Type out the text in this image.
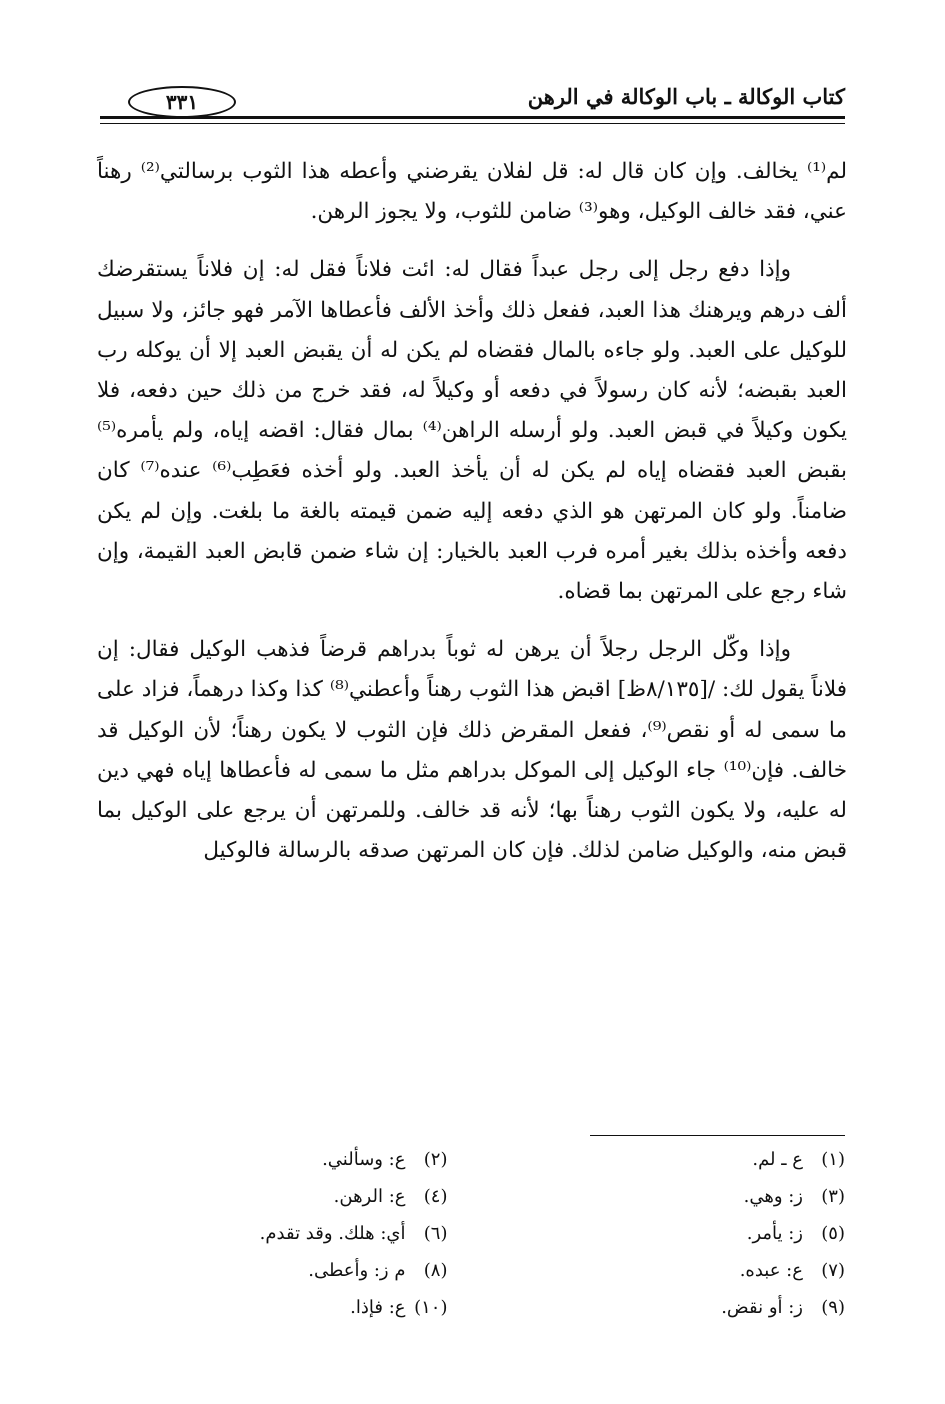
كتاب الوكالة ـ باب الوكالة في الرهن
٣٣١

لم⁽¹⁾ يخالف. وإن كان قال له: قل لفلان يقرضني وأعطه هذا الثوب برسالتي⁽²⁾ رهناً عني، فقد خالف الوكيل، وهو⁽³⁾ ضامن للثوب، ولا يجوز الرهن.

وإذا دفع رجل إلى رجل عبداً فقال له: ائت فلاناً فقل له: إن فلاناً يستقرضك ألف درهم ويرهنك هذا العبد، ففعل ذلك وأخذ الألف فأعطاها الآمر فهو جائز، ولا سبيل للوكيل على العبد. ولو جاءه بالمال فقضاه لم يكن له أن يقبض العبد إلا أن يوكله رب العبد بقبضه؛ لأنه كان رسولاً في دفعه أو وكيلاً له، فقد خرج من ذلك حين دفعه، فلا يكون وكيلاً في قبض العبد. ولو أرسله الراهن⁽⁴⁾ بمال فقال: اقضه إياه، ولم يأمره⁽⁵⁾ بقبض العبد فقضاه إياه لم يكن له أن يأخذ العبد. ولو أخذه فعَطِب⁽⁶⁾ عنده⁽⁷⁾ كان ضامناً. ولو كان المرتهن هو الذي دفعه إليه ضمن قيمته بالغة ما بلغت. وإن لم يكن دفعه وأخذه بذلك بغير أمره فرب العبد بالخيار: إن شاء ضمن قابض العبد القيمة، وإن شاء رجع على المرتهن بما قضاه.

وإذا وكّل الرجل رجلاً أن يرهن له ثوباً بدراهم قرضاً فذهب الوكيل فقال: إن فلاناً يقول لك: /[٨/١٣٥ظ] اقبض هذا الثوب رهناً وأعطني⁽⁸⁾ كذا وكذا درهماً، فزاد على ما سمى له أو نقص⁽⁹⁾، ففعل المقرض ذلك فإن الثوب لا يكون رهناً؛ لأن الوكيل قد خالف. فإن⁽¹⁰⁾ جاء الوكيل إلى الموكل بدراهم مثل ما سمى له فأعطاها إياه فهي دين له عليه، ولا يكون الثوب رهناً بها؛ لأنه قد خالف. وللمرتهن أن يرجع على الوكيل بما قبض منه، والوكيل ضامن لذلك. فإن كان المرتهن صدقه بالرسالة فالوكيل

(١)ع ـ لم.
(٢)ع: وسألني.
(٣)ز: وهي.
(٤)ع: الرهن.
(٥)ز: يأمر.
(٦)أي: هلك. وقد تقدم.
(٧)ع: عبده.
(٨)م ز: وأعطى.
(٩)ز: أو نقض.
(١٠)ع: فإذا.
